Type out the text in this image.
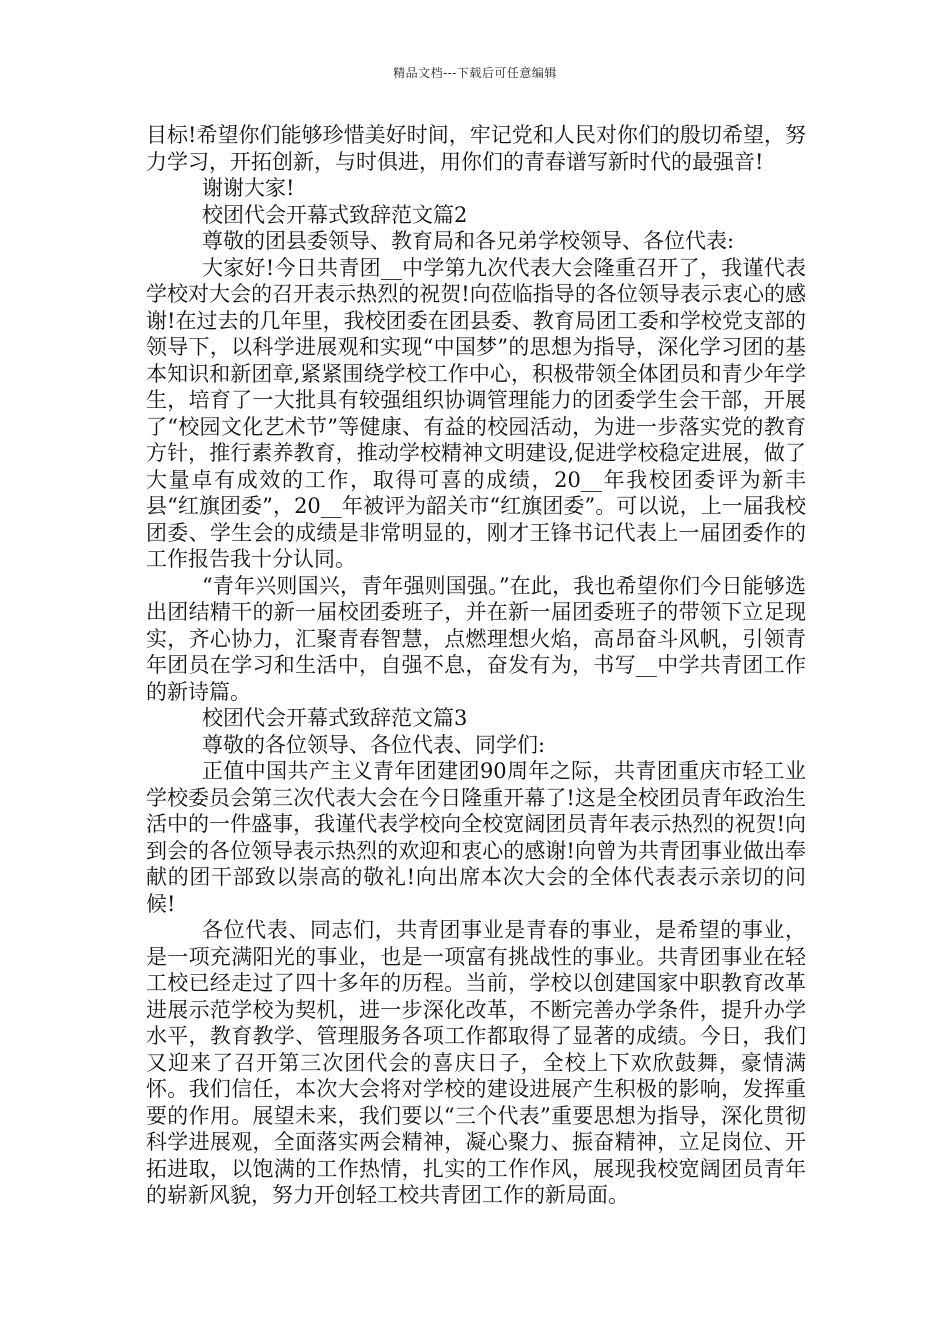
精品文档---下载后可任意编辑

目标!希望你们能够珍惜美好时间，牢记党和人民对你们的殷切希望，努力学习，开拓创新，与时俱进，用你们的青春谱写新时代的最强音!

谢谢大家!

校团代会开幕式致辞范文篇2

尊敬的团县委领导、教育局和各兄弟学校领导、各位代表:

大家好!今日共青团__中学第九次代表大会隆重召开了，我谨代表学校对大会的召开表示热烈的祝贺!向莅临指导的各位领导表示衷心的感谢!在过去的几年里，我校团委在团县委、教育局团工委和学校党支部的领导下，以科学进展观和实现“中国梦”的思想为指导，深化学习团的基本知识和新团章,紧紧围绕学校工作中心，积极带领全体团员和青少年学生，培育了一大批具有较强组织协调管理能力的团委学生会干部，开展了“校园文化艺术节”等健康、有益的校园活动，为进一步落实党的教育方针，推行素养教育，推动学校精神文明建设,促进学校稳定进展，做了大量卓有成效的工作，取得可喜的成绩，20__年我校团委评为新丰县“红旗团委”，20__年被评为韶关市“红旗团委”。可以说，上一届我校团委、学生会的成绩是非常明显的，刚才王锋书记代表上一届团委作的工作报告我十分认同。

“青年兴则国兴，青年强则国强。”在此，我也希望你们今日能够选出团结精干的新一届校团委班子，并在新一届团委班子的带领下立足现实，齐心协力，汇聚青春智慧，点燃理想火焰，高昂奋斗风帆，引领青年团员在学习和生活中，自强不息，奋发有为，书写__中学共青团工作的新诗篇。

校团代会开幕式致辞范文篇3

尊敬的各位领导、各位代表、同学们:

正值中国共产主义青年团建团90周年之际，共青团重庆市轻工业学校委员会第三次代表大会在今日隆重开幕了!这是全校团员青年政治生活中的一件盛事，我谨代表学校向全校宽阔团员青年表示热烈的祝贺!向到会的各位领导表示热烈的欢迎和衷心的感谢!向曾为共青团事业做出奉献的团干部致以崇高的敬礼!向出席本次大会的全体代表表示亲切的问候!

各位代表、同志们，共青团事业是青春的事业，是希望的事业，是一项充满阳光的事业，也是一项富有挑战性的事业。共青团事业在轻工校已经走过了四十多年的历程。当前，学校以创建国家中职教育改革进展示范学校为契机，进一步深化改革，不断完善办学条件，提升办学水平，教育教学、管理服务各项工作都取得了显著的成绩。今日，我们又迎来了召开第三次团代会的喜庆日子，全校上下欢欣鼓舞，豪情满怀。我们信任，本次大会将对学校的建设进展产生积极的影响，发挥重要的作用。展望未来，我们要以“三个代表”重要思想为指导，深化贯彻科学进展观，全面落实两会精神，凝心聚力、振奋精神，立足岗位、开拓进取，以饱满的工作热情，扎实的工作作风，展现我校宽阔团员青年的崭新风貌，努力开创轻工校共青团工作的新局面。
